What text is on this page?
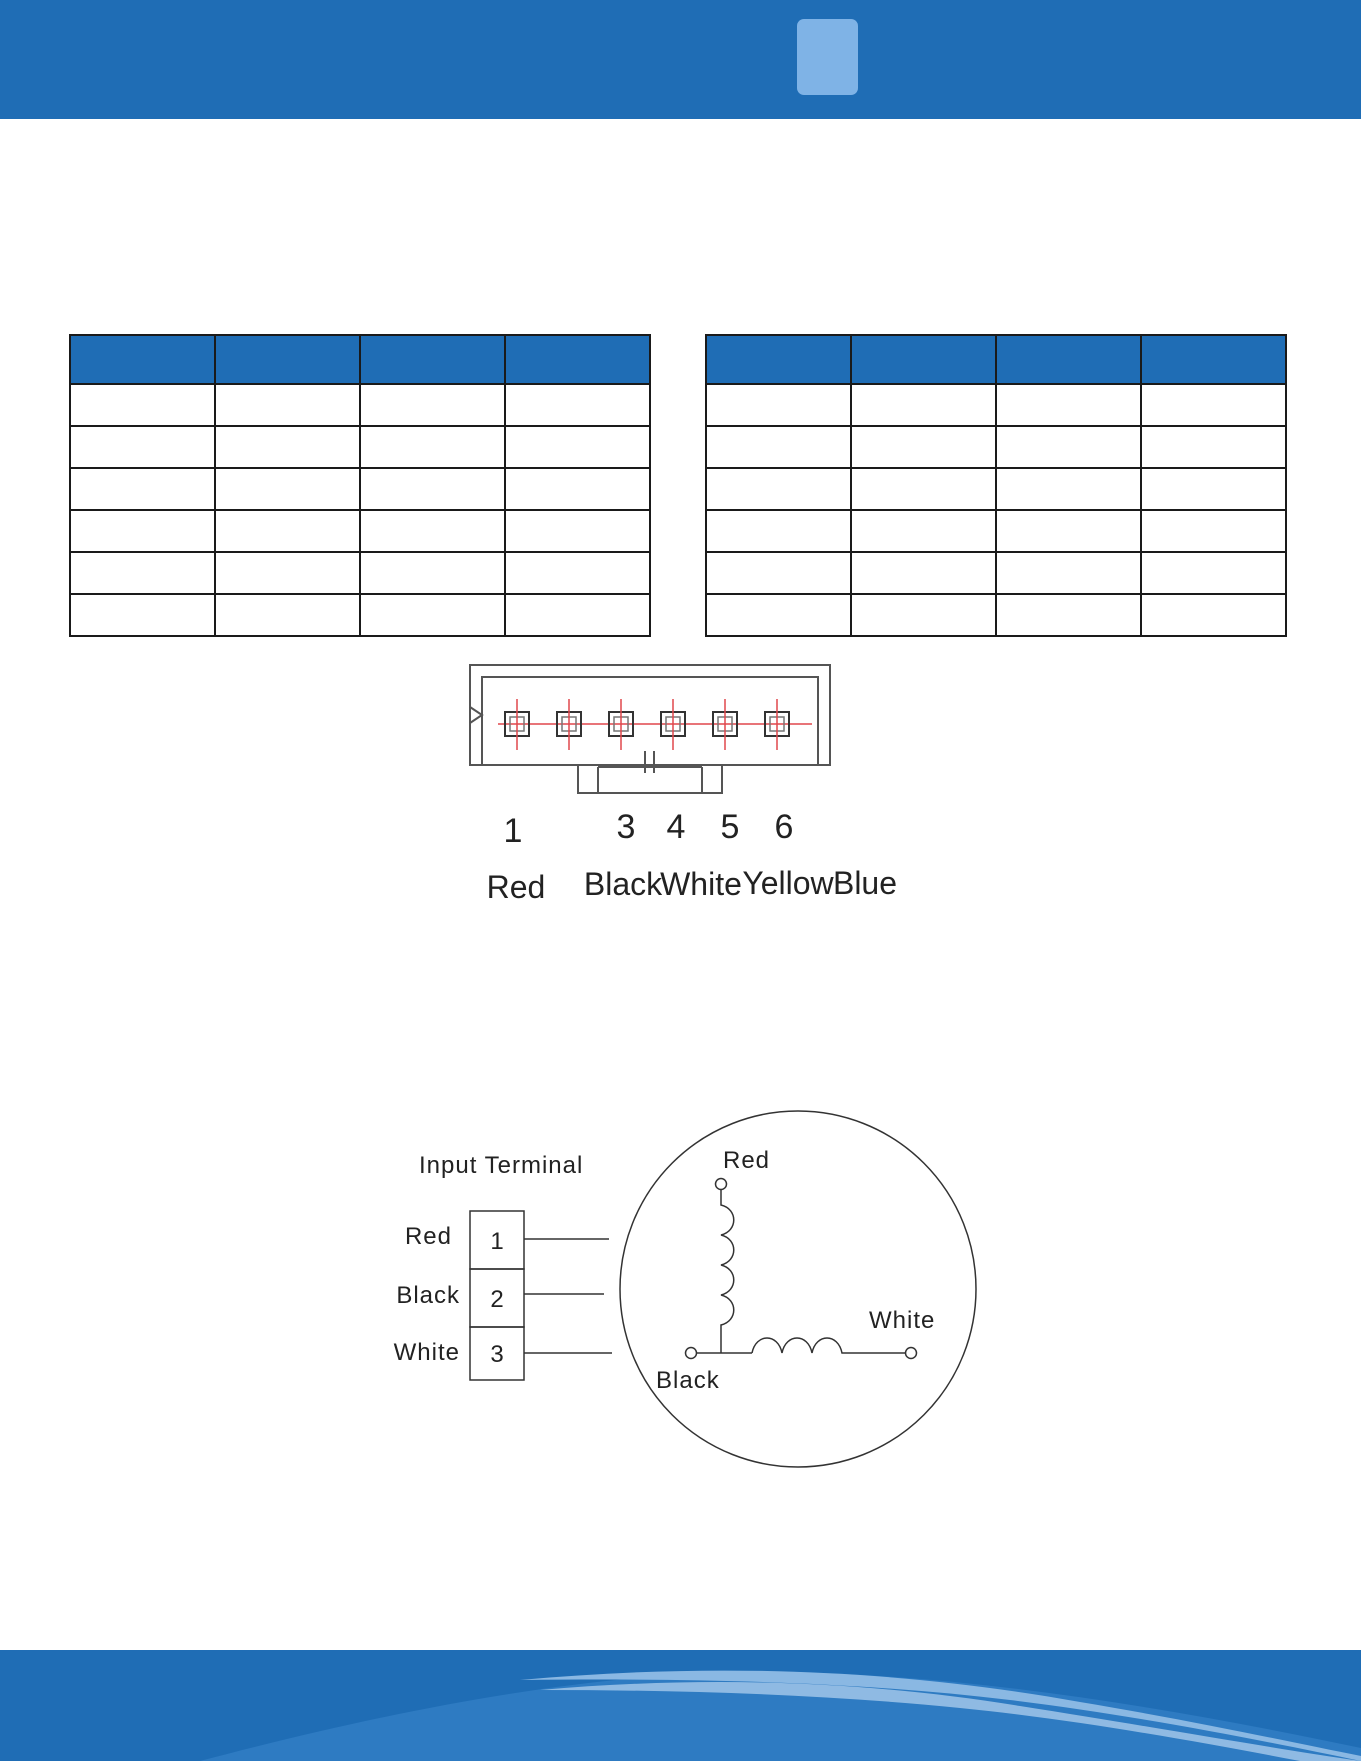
1	3 4 5 6
Red Black
White Yellow Blue
Input Terminal
1
2
3
Red
Black
White
Red
White
Black
